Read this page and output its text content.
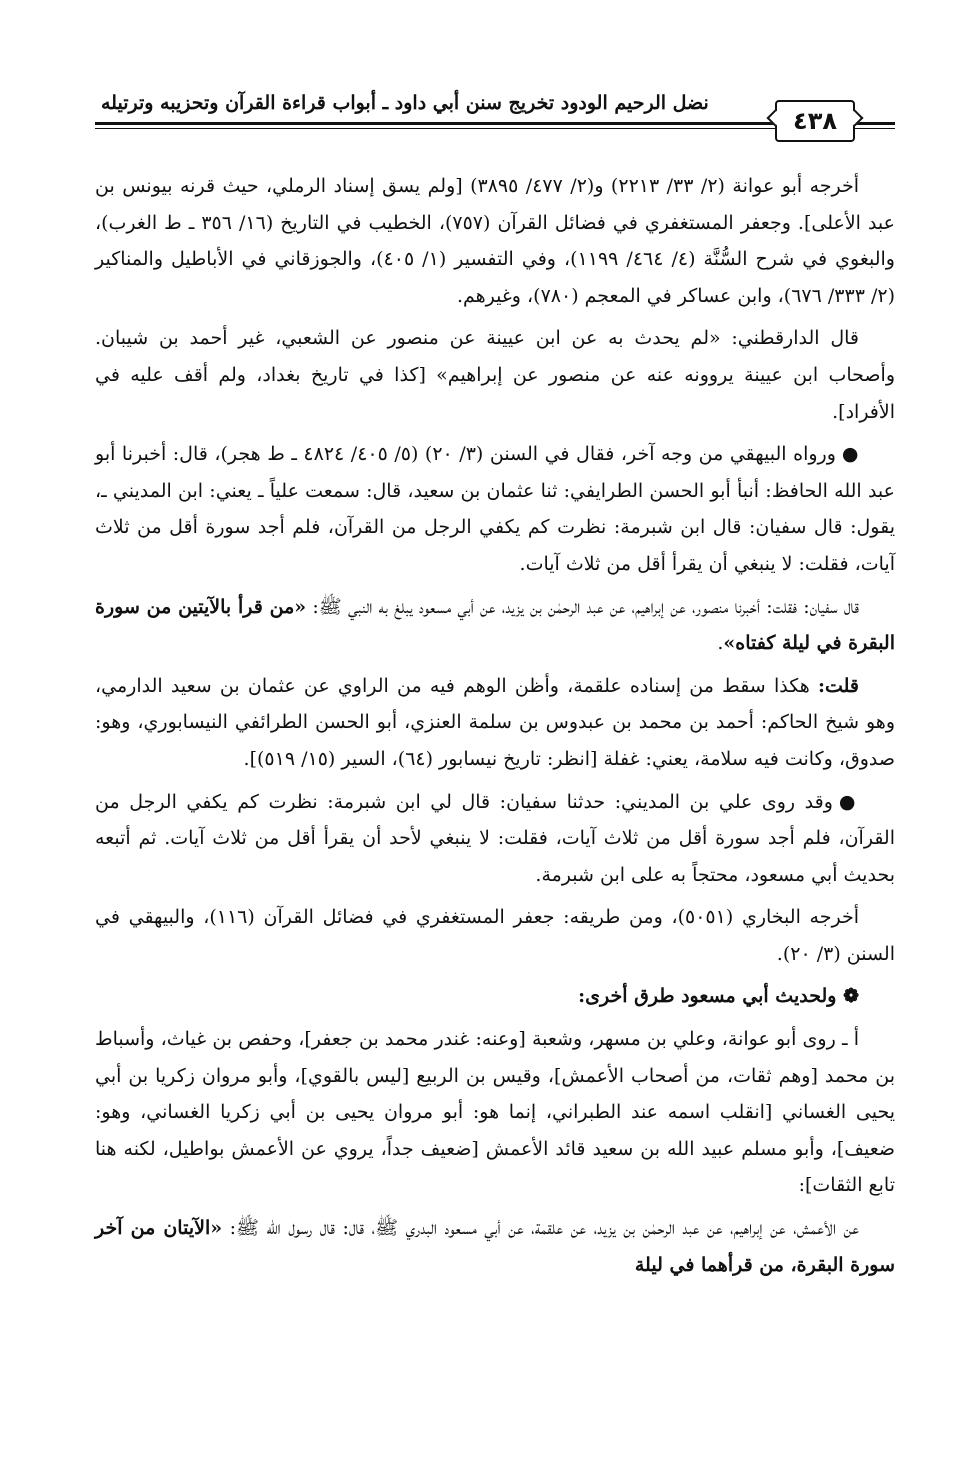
٤٣٨
نضل الرحيم الودود تخريج سنن أبي داود ـ أبواب قراءة القرآن وتحزيبه وترتيله

أخرجه أبو عوانة (٢/ ٣٣/ ٢٢١٣) و(٢/ ٤٧٧/ ٣٨٩٥) [ولم يسق إسناد الرملي، حيث قرنه بيونس بن عبد الأعلى]. وجعفر المستغفري في فضائل القرآن (٧٥٧)، الخطيب في التاريخ (١٦/ ٣٥٦ ـ ط الغرب)، والبغوي في شرح السُّنَّة (٤/ ٤٦٤/ ١١٩٩)، وفي التفسير (١/ ٤٠٥)، والجوزقاني في الأباطيل والمناكير (٢/ ٣٣٣/ ٦٧٦)، وابن عساكر في المعجم (٧٨٠)، وغيرهم.

قال الدارقطني: «لم يحدث به عن ابن عيينة عن منصور عن الشعبي، غير أحمد بن شيبان. وأصحاب ابن عيينة يروونه عنه عن منصور عن إبراهيم» [كذا في تاريخ بغداد، ولم أقف عليه في الأفراد].

●ورواه البيهقي من وجه آخر، فقال في السنن (٣/ ٢٠) (٥/ ٤٠٥/ ٤٨٢٤ ـ ط هجر)، قال: أخبرنا أبو عبد الله الحافظ: أنبأ أبو الحسن الطرايفي: ثنا عثمان بن سعيد، قال: سمعت علياً ـ يعني: ابن المديني ـ، يقول: قال سفيان: قال ابن شبرمة: نظرت كم يكفي الرجل من القرآن، فلم أجد سورة أقل من ثلاث آيات، فقلت: لا ينبغي أن يقرأ أقل من ثلاث آيات.

قال سفيان: فقلت: أخبرنا منصور، عن إبراهيم، عن عبد الرحمٰن بن يزيد، عن أبي مسعود يبلغ به النبي ﷺ: «من قرأ بالآيتين من سورة البقرة في ليلة كفتاه».

قلت: هكذا سقط من إسناده علقمة، وأظن الوهم فيه من الراوي عن عثمان بن سعيد الدارمي، وهو شيخ الحاكم: أحمد بن محمد بن عبدوس بن سلمة العنزي، أبو الحسن الطرائفي النيسابوري، وهو: صدوق، وكانت فيه سلامة، يعني: غفلة [انظر: تاريخ نيسابور (٦٤)، السير (١٥/ ٥١٩)].

●وقد روى علي بن المديني: حدثنا سفيان: قال لي ابن شبرمة: نظرت كم يكفي الرجل من القرآن، فلم أجد سورة أقل من ثلاث آيات، فقلت: لا ينبغي لأحد أن يقرأ أقل من ثلاث آيات. ثم أتبعه بحديث أبي مسعود، محتجاً به على ابن شبرمة.

أخرجه البخاري (٥٠٥١)، ومن طريقه: جعفر المستغفري في فضائل القرآن (١١٦)، والبيهقي في السنن (٣/ ٢٠).

❁ ولحديث أبي مسعود طرق أخرى:

أ ـ روى أبو عوانة، وعلي بن مسهر، وشعبة [وعنه: غندر محمد بن جعفر]، وحفص بن غياث، وأسباط بن محمد [وهم ثقات، من أصحاب الأعمش]، وقيس بن الربيع [ليس بالقوي]، وأبو مروان زكريا بن أبي يحيى الغساني [انقلب اسمه عند الطبراني، إنما هو: أبو مروان يحيى بن أبي زكريا الغساني، وهو: ضعيف]، وأبو مسلم عبيد الله بن سعيد قائد الأعمش [ضعيف جداً، يروي عن الأعمش بواطيل، لكنه هنا تابع الثقات]:

عن الأعمش، عن إبراهيم، عن عبد الرحمٰن بن يزيد، عن علقمة، عن أبي مسعود البدري ﷺ، قال: قال رسول الله ﷺ: «الآيتان من آخر سورة البقرة، من قرأهما في ليلة
